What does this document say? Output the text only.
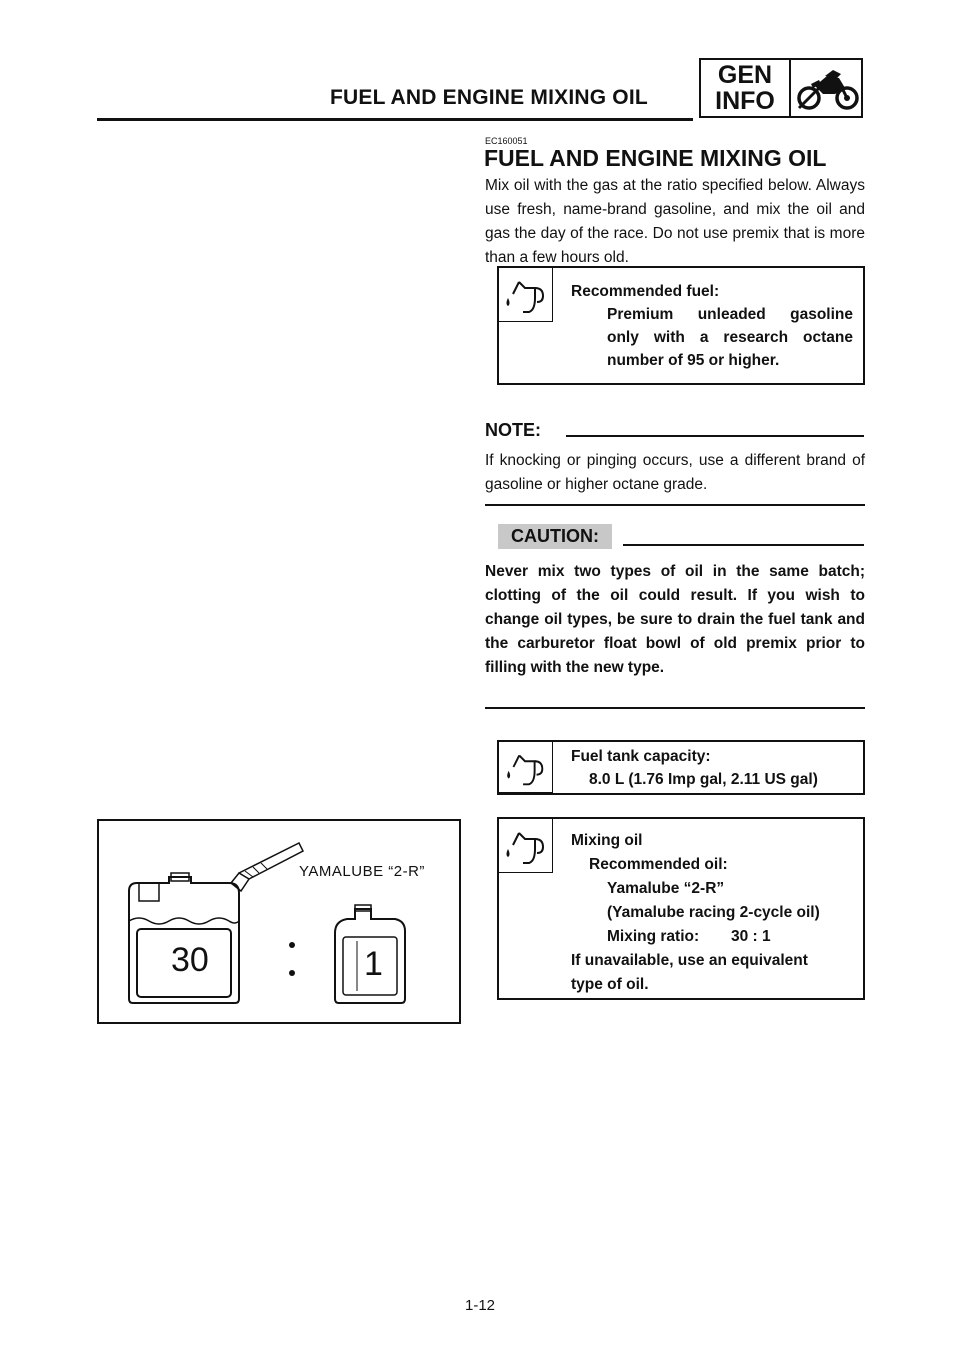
FUEL AND ENGINE MIXING OIL
GEN
INFO
EC160051
FUEL AND ENGINE MIXING OIL
Mix oil with the gas at the ratio specified below. Always use fresh, name-brand gasoline, and mix the oil and gas the day of the race. Do not use premix that is more than a few hours old.
Recommended fuel:
Premium unleaded gasoline
only with a research octane
number of 95 or higher.
NOTE:
If knocking or pinging occurs, use a different brand of gasoline or higher octane grade.
CAUTION:
Never mix two types of oil in the same batch; clotting of the oil could result. If you wish to change oil types, be sure to drain the fuel tank and the carburetor float bowl of old premix prior to filling with the new type.
Fuel tank capacity:
8.0 L (1.76 Imp gal, 2.11 US gal)
Mixing oil
Recommended oil:
Yamalube “2-R”
(Yamalube racing 2-cycle oil)
Mixing ratio: 30 : 1
If unavailable, use an equivalent
type of oil.
YAMALUBE “2-R”
30	1
1-12
